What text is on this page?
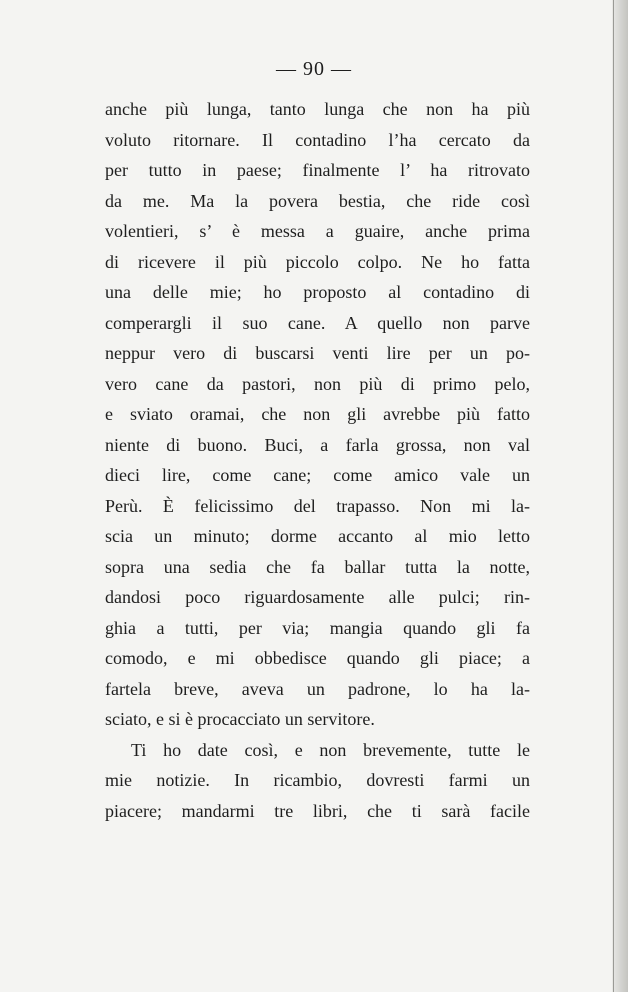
— 90 —
anche più lunga, tanto lunga che non ha più
voluto ritornare. Il contadino l’ha cercato da
per tutto in paese; finalmente l’ ha ritrovato
da me. Ma la povera bestia, che ride così
volentieri, s’ è messa a guaire, anche prima
di ricevere il più piccolo colpo. Ne ho fatta
una delle mie; ho proposto al contadino di
comperargli il suo cane. A quello non parve
neppur vero di buscarsi venti lire per un po-
vero cane da pastori, non più di primo pelo,
e sviato oramai, che non gli avrebbe più fatto
niente di buono. Buci, a farla grossa, non val
dieci lire, come cane; come amico vale un
Perù. È felicissimo del trapasso. Non mi la-
scia un minuto; dorme accanto al mio letto
sopra una sedia che fa ballar tutta la notte,
dandosi poco riguardosamente alle pulci; rin-
ghia a tutti, per via; mangia quando gli fa
comodo, e mi obbedisce quando gli piace; a
fartela breve, aveva un padrone, lo ha la-
sciato, e si è procacciato un servitore.
Ti ho date così, e non brevemente, tutte le
mie notizie. In ricambio, dovresti farmi un
piacere; mandarmi tre libri, che ti sarà facile
